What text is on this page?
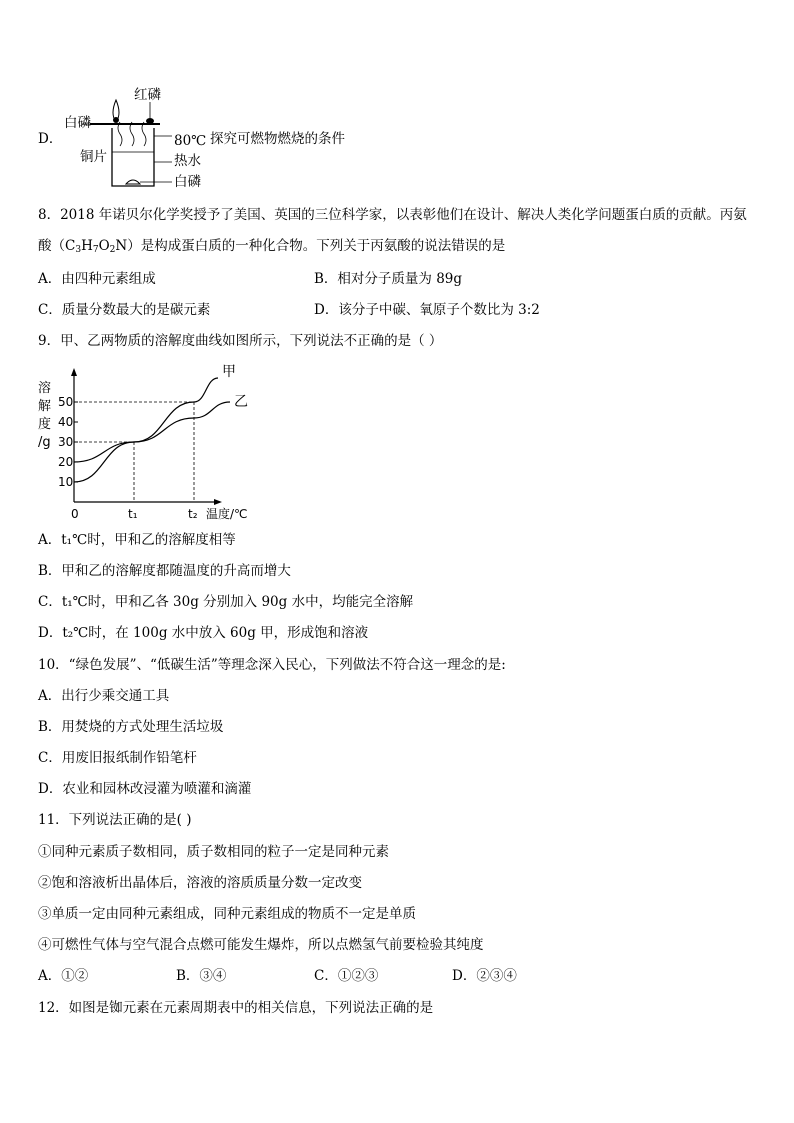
D．
红磷
白磷
铜片
80℃ 探究可燃物燃烧的条件
热水
白磷
8．2018 年诺贝尔化学奖授予了美国、英国的三位科学家，以表彰他们在设计、解决人类化学问题蛋白质的贡献。丙氨
酸$(C_3H_7O_2N)$是构成蛋白质的一种化合物。下列关于丙氨酸的说法错误的是
A．由四种元素组成	B．相对分子质量为 89g
C．质量分数最大的是碳元素	D．该分子中碳、氧原子个数比为 3:2
9．甲、乙两物质的溶解度曲线如图所示，下列说法不正确的是（ ）
溶
解
度
/g
10
20
30
40
50
0	t₁	t₂ 温度/℃
甲
乙
A．t₁℃时，甲和乙的溶解度相等
B．甲和乙的溶解度都随温度的升高而增大
C．t₁℃时，甲和乙各 30g 分别加入 90g 水中，均能完全溶解
D．t₂℃时，在 100g 水中放入 60g 甲，形成饱和溶液
10．“绿色发展”、“低碳生活”等理念深入民心，下列做法不符合这一理念的是:
A．出行少乘交通工具
B．用焚烧的方式处理生活垃圾
C．用废旧报纸制作铅笔杆
D．农业和园林改浸灌为喷灌和滴灌
11．下列说法正确的是( )
①同种元素质子数相同，质子数相同的粒子一定是同种元素
②饱和溶液析出晶体后，溶液的溶质质量分数一定改变
③单质一定由同种元素组成，同种元素组成的物质不一定是单质
④可燃性气体与空气混合点燃可能发生爆炸，所以点燃氢气前要检验其纯度
A．①②	B．③④	C．①②③	D．②③④
12．如图是铷元素在元素周期表中的相关信息，下列说法正确的是
